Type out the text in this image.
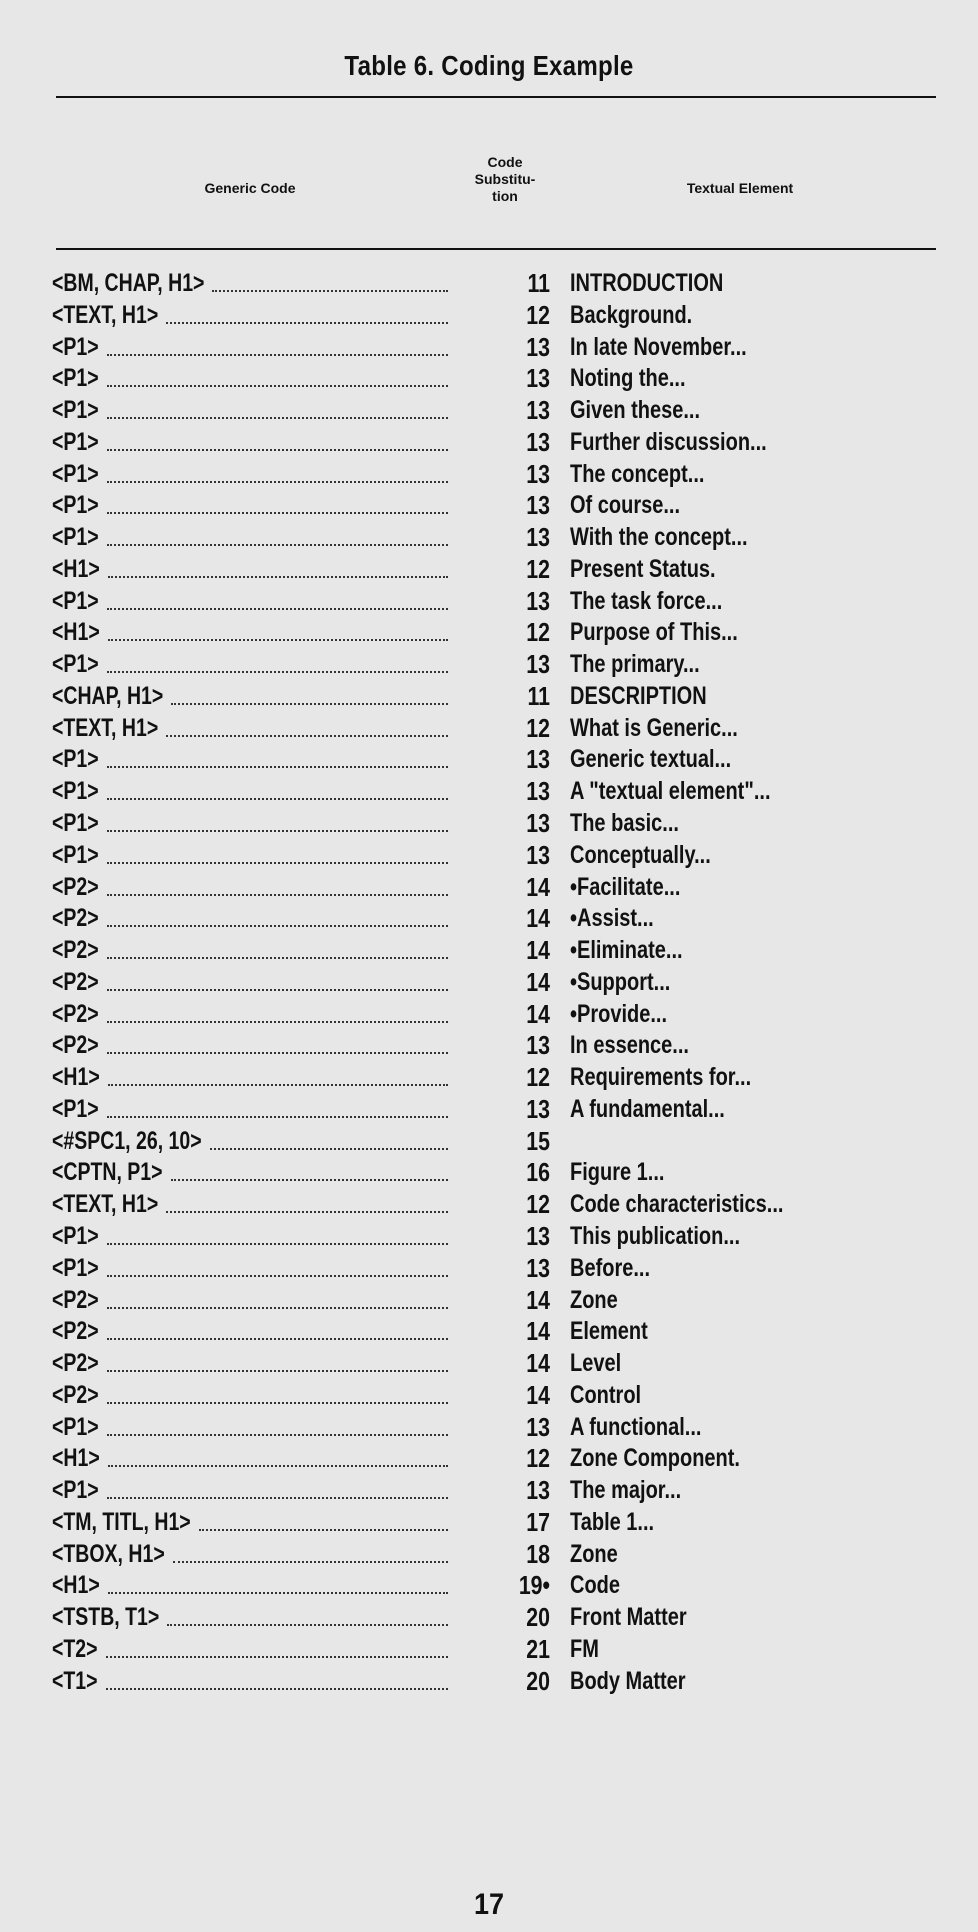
Table 6. Coding Example
Generic Code
Code Substitu- tion	Textual Element
<BM, CHAP, H1>	11 INTRODUCTION
<TEXT, H1>	12 Background.
<P1>	13 In late November...
<P1>	13 Noting the...
<P1>	13 Given these...
<P1>	13 Further discussion...
<P1>	13 The concept...
<P1>	13 Of course...
<P1>	13 With the concept...
<H1>	12 Present Status.
<P1>	13 The task force...
<H1>	12 Purpose of This...
<P1>	13 The primary...
<CHAP, H1>	11 DESCRIPTION
<TEXT, H1>	12 What is Generic...
<P1>	13 Generic textual...
<P1>	13 A "textual element"...
<P1>	13 The basic...
<P1>	13 Conceptually...
<P2>	14 •Facilitate...
<P2>	14 •Assist...
<P2>	14 •Eliminate...
<P2>	14 •Support...
<P2>	14 •Provide...
<P2>	13 In essence...
<H1>	12 Requirements for...
<P1>	13 A fundamental...
<#SPC1, 26, 10>	15
<CPTN, P1>	16 Figure 1...
<TEXT, H1>	12 Code characteristics...
<P1>	13 This publication...
<P1>	13 Before...
<P2>	14 Zone
<P2>	14 Element
<P2>	14 Level
<P2>	14 Control
<P1>	13 A functional...
<H1>	12 Zone Component.
<P1>	13 The major...
<TM, TITL, H1>	17 Table 1...
<TBOX, H1>	18 Zone
<H1>	19• Code
<TSTB, T1>	20 Front Matter
<T2>	21 FM
<T1>	20 Body Matter
17
